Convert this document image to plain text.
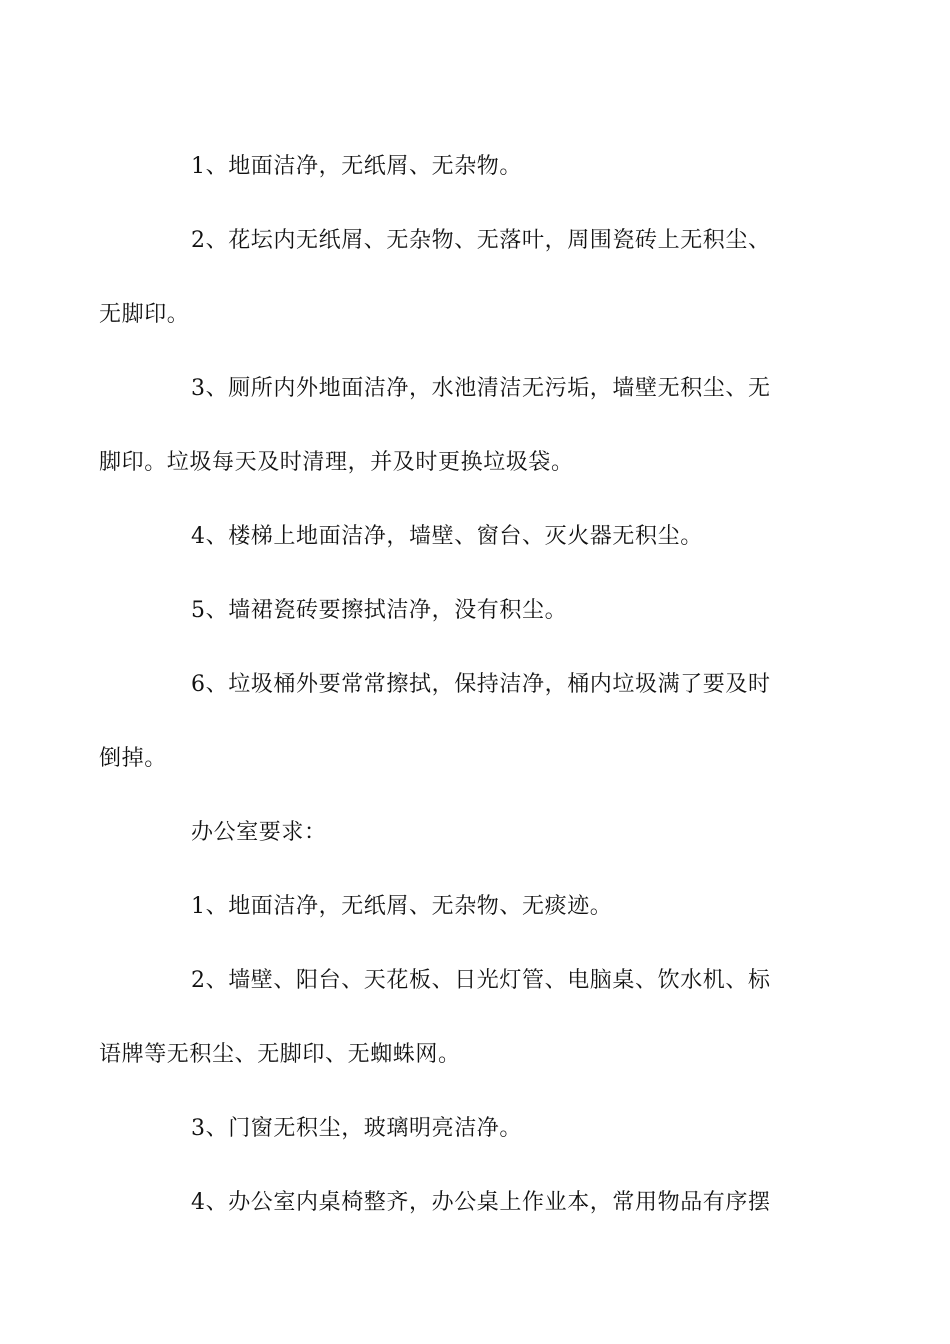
1、地面洁净，无纸屑、无杂物。

2、花坛内无纸屑、无杂物、无落叶，周围瓷砖上无积尘、
无脚印。

3、厕所内外地面洁净，水池清洁无污垢，墙壁无积尘、无
脚印。垃圾每天及时清理，并及时更换垃圾袋。

4、楼梯上地面洁净，墙壁、窗台、灭火器无积尘。

5、墙裙瓷砖要擦拭洁净，没有积尘。

6、垃圾桶外要常常擦拭，保持洁净，桶内垃圾满了要及时
倒掉。

办公室要求：

1、地面洁净，无纸屑、无杂物、无痰迹。

2、墙壁、阳台、天花板、日光灯管、电脑桌、饮水机、标
语牌等无积尘、无脚印、无蜘蛛网。

3、门窗无积尘，玻璃明亮洁净。

4、办公室内桌椅整齐，办公桌上作业本，常用物品有序摆
